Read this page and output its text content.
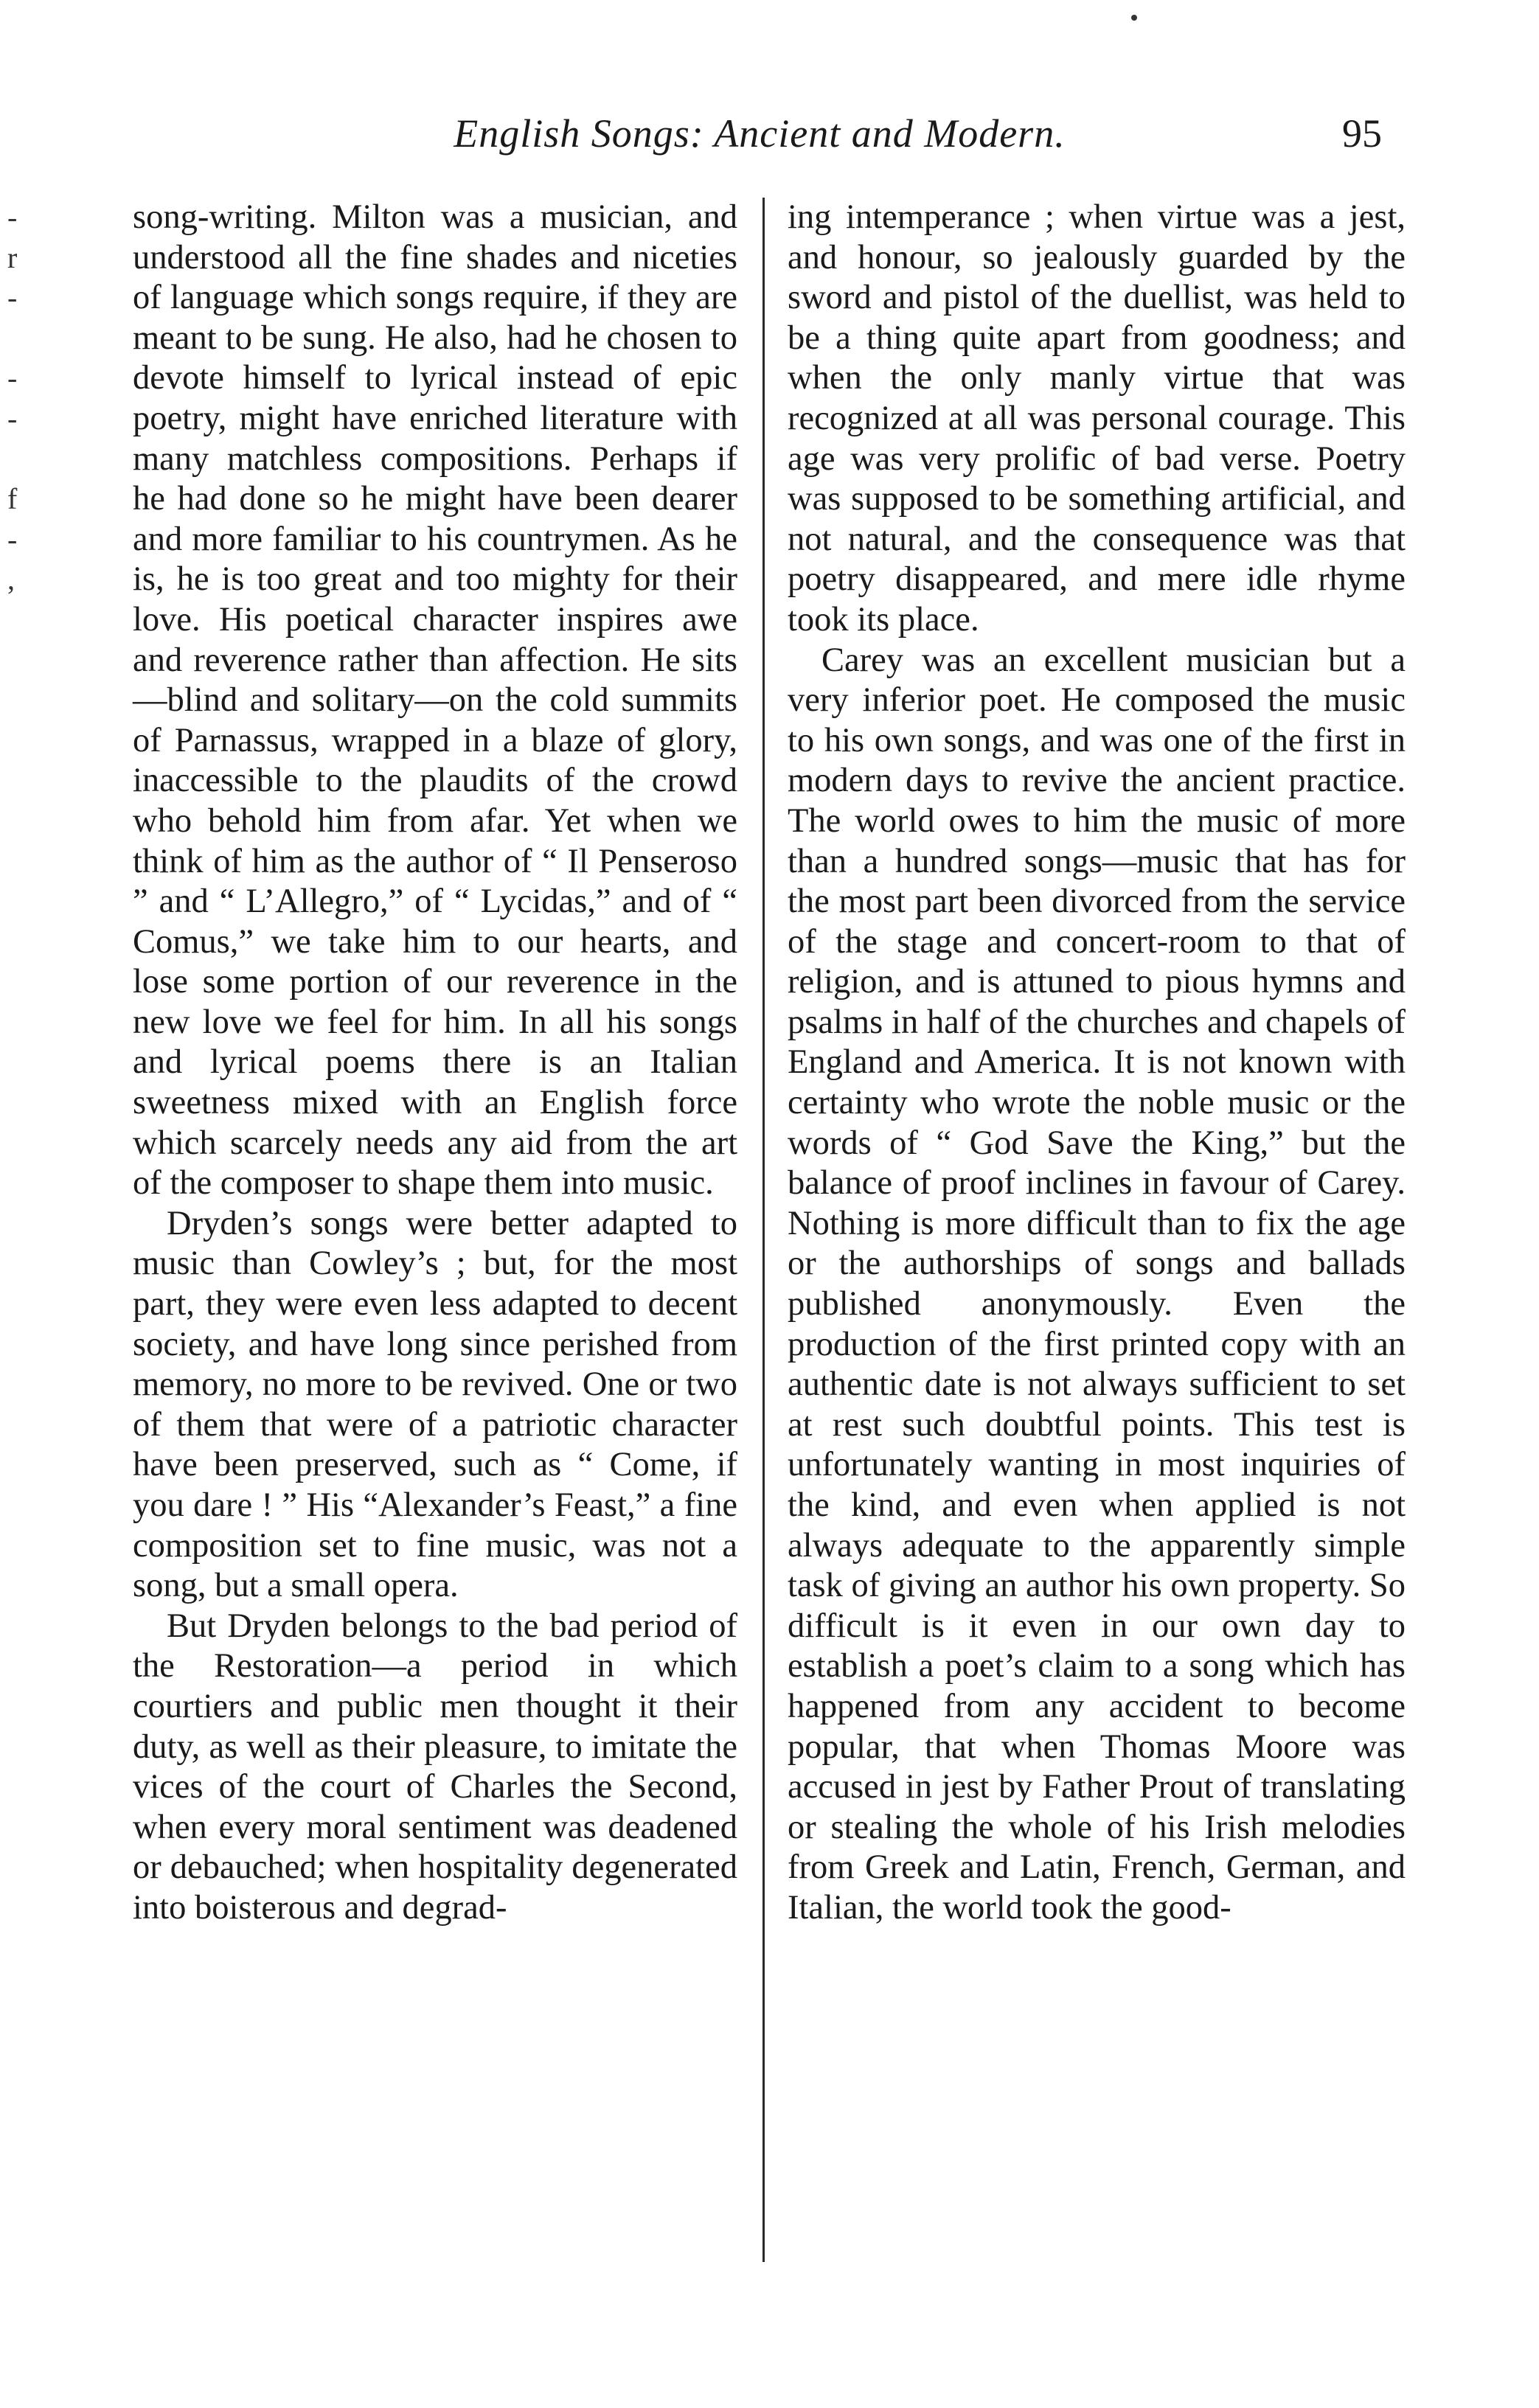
English Songs: Ancient and Modern.	95
-
r
-
-
-
f
-
,

song-writing. Milton was a musician, and understood all the fine shades and niceties of language which songs require, if they are meant to be sung. He also, had he chosen to devote himself to lyrical instead of epic poetry, might have enriched literature with many matchless compositions. Perhaps if he had done so he might have been dearer and more familiar to his countrymen. As he is, he is too great and too mighty for their love. His poetical character inspires awe and reverence rather than affection. He sits—blind and solitary—on the cold summits of Parnassus, wrapped in a blaze of glory, inaccessible to the plaudits of the crowd who behold him from afar. Yet when we think of him as the author of “ Il Penseroso ” and “ L’Allegro,” of “ Lycidas,” and of “ Comus,” we take him to our hearts, and lose some portion of our reverence in the new love we feel for him. In all his songs and lyrical poems there is an Italian sweetness mixed with an English force which scarcely needs any aid from the art of the composer to shape them into music.

Dryden’s songs were better adapted to music than Cowley’s ; but, for the most part, they were even less adapted to decent society, and have long since perished from memory, no more to be revived. One or two of them that were of a patriotic character have been preserved, such as “ Come, if you dare ! ” His “Alexander’s Feast,” a fine composition set to fine music, was not a song, but a small opera.

But Dryden belongs to the bad period of the Restoration—a period in which courtiers and public men thought it their duty, as well as their pleasure, to imitate the vices of the court of Charles the Second, when every moral sentiment was deadened or debauched; when hospitality degenerated into boisterous and degrad-

ing intemperance ; when virtue was a jest, and honour, so jealously guarded by the sword and pistol of the duellist, was held to be a thing quite apart from goodness; and when the only manly virtue that was recognized at all was personal courage. This age was very prolific of bad verse. Poetry was supposed to be something artificial, and not natural, and the consequence was that poetry disappeared, and mere idle rhyme took its place.

Carey was an excellent musician but a very inferior poet. He composed the music to his own songs, and was one of the first in modern days to revive the ancient practice. The world owes to him the music of more than a hundred songs—music that has for the most part been divorced from the service of the stage and concert-room to that of religion, and is attuned to pious hymns and psalms in half of the churches and chapels of England and America. It is not known with certainty who wrote the noble music or the words of “ God Save the King,” but the balance of proof inclines in favour of Carey. Nothing is more difficult than to fix the age or the authorships of songs and ballads published anonymously. Even the production of the first printed copy with an authentic date is not always sufficient to set at rest such doubtful points. This test is unfortunately wanting in most inquiries of the kind, and even when applied is not always adequate to the apparently simple task of giving an author his own property. So difficult is it even in our own day to establish a poet’s claim to a song which has happened from any accident to become popular, that when Thomas Moore was accused in jest by Father Prout of translating or stealing the whole of his Irish melodies from Greek and Latin, French, German, and Italian, the world took the good-
